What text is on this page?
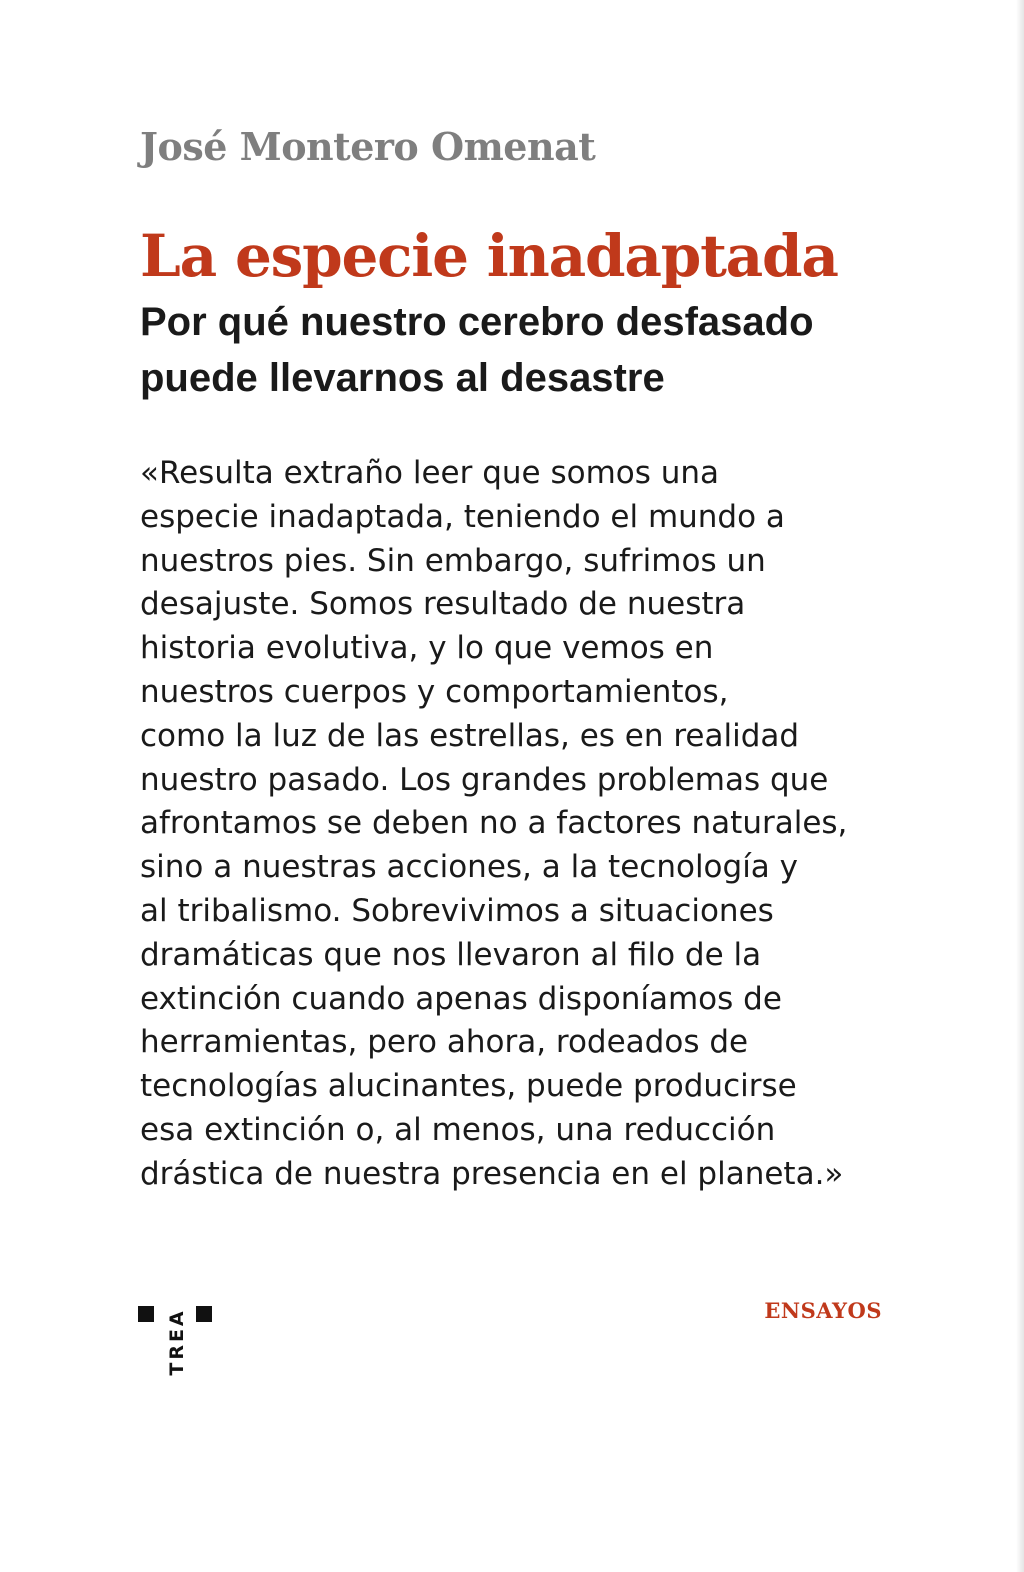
José Montero Omenat
La especie inadaptada
Por qué nuestro cerebro desfasado
puede llevarnos al desastre
«Resulta extraño leer que somos una
especie inadaptada, teniendo el mundo a
nuestros pies. Sin embargo, sufrimos un
desajuste. Somos resultado de nuestra
historia evolutiva, y lo que vemos en
nuestros cuerpos y comportamientos,
como la luz de las estrellas, es en realidad
nuestro pasado. Los grandes problemas que
afrontamos se deben no a factores naturales,
sino a nuestras acciones, a la tecnología y
al tribalismo. Sobrevivimos a situaciones
dramáticas que nos llevaron al filo de la
extinción cuando apenas disponíamos de
herramientas, pero ahora, rodeados de
tecnologías alucinantes, puede producirse
esa extinción o, al menos, una reducción
drástica de nuestra presencia en el planeta.»
TREA	ENSAYOS
